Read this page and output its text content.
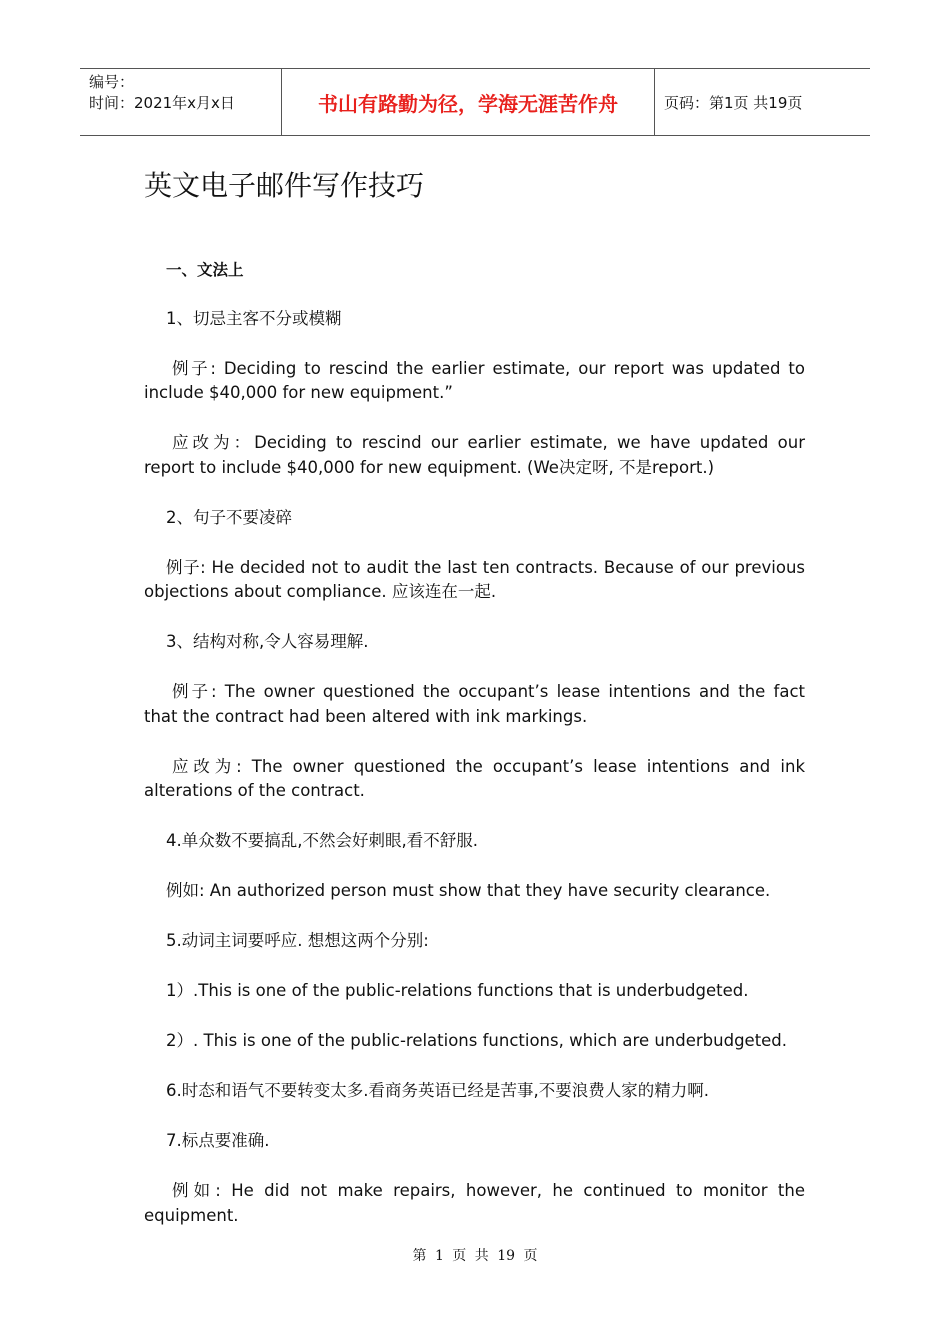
编号：
时间：2021年x月x日	书山有路勤为径，学海无涯苦作舟	页码：第1页 共19页
英文电子邮件写作技巧

一、文法上

1、切忌主客不分或模糊

例子: Deciding to rescind the earlier estimate, our report was updated to include $40,000 for new equipment.”

应改为：Deciding to rescind our earlier estimate, we have updated our report to include $40,000 for new equipment. (We决定呀, 不是report.)

2、句子不要凌碎

例子: He decided not to audit the last ten contracts. Because of our previous objections about compliance. 应该连在一起.

3、结构对称,令人容易理解.

例子: The owner questioned the occupant’s lease intentions and the fact that the contract had been altered with ink markings.

应改为: The owner questioned the occupant’s lease intentions and ink alterations of the contract.

4.单众数不要搞乱,不然会好刺眼,看不舒服.

例如: An authorized person must show that they have security clearance.

5.动词主词要呼应. 想想这两个分别:

1）.This is one of the public-relations functions that is underbudgeted.

2）. This is one of the public-relations functions, which are underbudgeted.

6.时态和语气不要转变太多.看商务英语已经是苦事,不要浪费人家的精力啊.

7.标点要准确.

例如: He did not make repairs, however, he continued to monitor the equipment.

第 1 页 共 19 页
